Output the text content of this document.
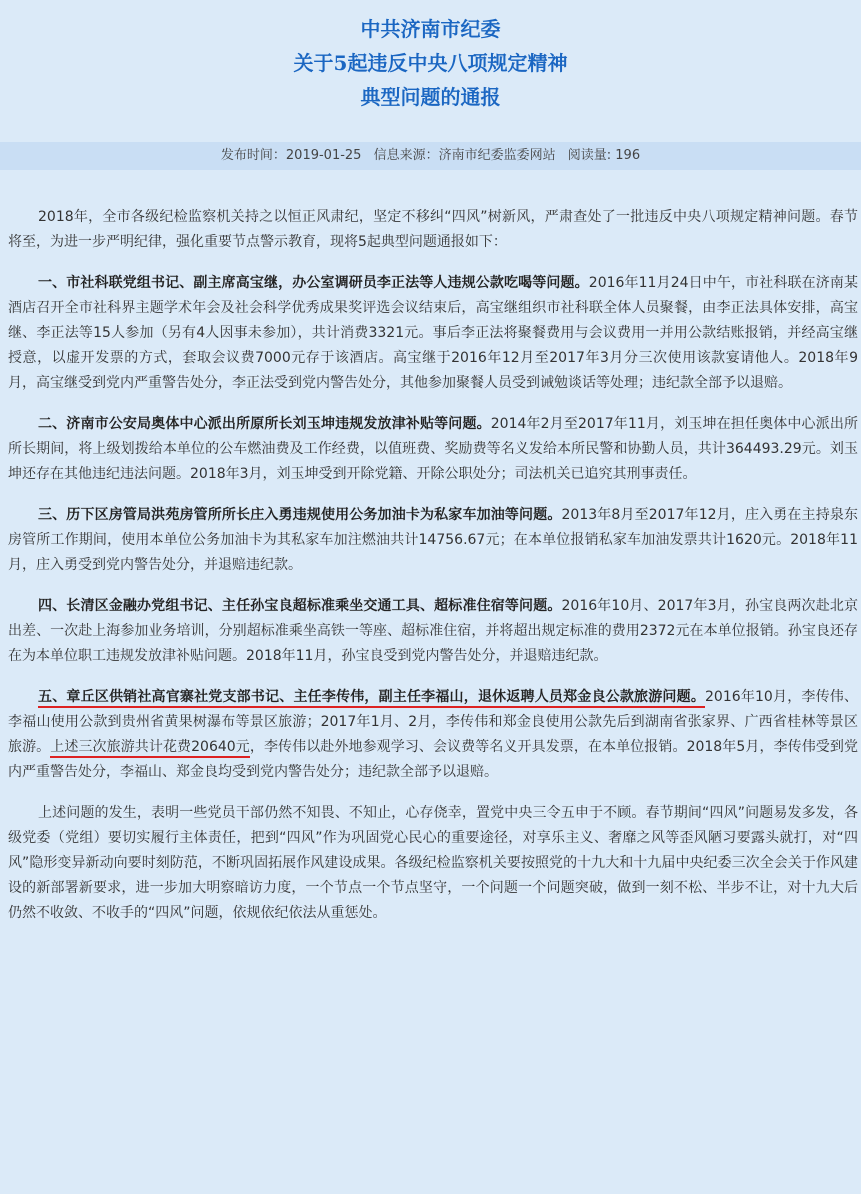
中共济南市纪委
关于5起违反中央八项规定精神
典型问题的通报
发布时间：2019-01-25 信息来源：济南市纪委监委网站 阅读量: 196

2018年，全市各级纪检监察机关持之以恒正风肃纪，坚定不移纠“四风”树新风，严肃查处了一批违反中央八项规定精神问题。春节将至，为进一步严明纪律，强化重要节点警示教育，现将5起典型问题通报如下：

一、市社科联党组书记、副主席高宝继，办公室调研员李正法等人违规公款吃喝等问题。2016年11月24日中午，市社科联在济南某酒店召开全市社科界主题学术年会及社会科学优秀成果奖评选会议结束后，高宝继组织市社科联全体人员聚餐，由李正法具体安排，高宝继、李正法等15人参加（另有4人因事未参加），共计消费3321元。事后李正法将聚餐费用与会议费用一并用公款结账报销，并经高宝继授意，以虚开发票的方式，套取会议费7000元存于该酒店。高宝继于2016年12月至2017年3月分三次使用该款宴请他人。2018年9月，高宝继受到党内严重警告处分，李正法受到党内警告处分，其他参加聚餐人员受到诫勉谈话等处理；违纪款全部予以退赔。

二、济南市公安局奥体中心派出所原所长刘玉坤违规发放津补贴等问题。2014年2月至2017年11月，刘玉坤在担任奥体中心派出所所长期间，将上级划拨给本单位的公车燃油费及工作经费，以值班费、奖励费等名义发给本所民警和协勤人员，共计364493.29元。刘玉坤还存在其他违纪违法问题。2018年3月，刘玉坤受到开除党籍、开除公职处分；司法机关已追究其刑事责任。

三、历下区房管局洪苑房管所所长庄入勇违规使用公务加油卡为私家车加油等问题。2013年8月至2017年12月，庄入勇在主持泉东房管所工作期间，使用本单位公务加油卡为其私家车加注燃油共计14756.67元；在本单位报销私家车加油发票共计1620元。2018年11月，庄入勇受到党内警告处分，并退赔违纪款。

四、长清区金融办党组书记、主任孙宝良超标准乘坐交通工具、超标准住宿等问题。2016年10月、2017年3月，孙宝良两次赴北京出差、一次赴上海参加业务培训，分别超标准乘坐高铁一等座、超标准住宿，并将超出规定标准的费用2372元在本单位报销。孙宝良还存在为本单位职工违规发放津补贴问题。2018年11月，孙宝良受到党内警告处分，并退赔违纪款。

五、章丘区供销社高官寨社党支部书记、主任李传伟，副主任李福山，退休返聘人员郑金良公款旅游问题。2016年10月，李传伟、李福山使用公款到贵州省黄果树瀑布等景区旅游；2017年1月、2月，李传伟和郑金良使用公款先后到湖南省张家界、广西省桂林等景区旅游。上述三次旅游共计花费20640元，李传伟以赴外地参观学习、会议费等名义开具发票，在本单位报销。2018年5月，李传伟受到党内严重警告处分，李福山、郑金良均受到党内警告处分；违纪款全部予以退赔。

上述问题的发生，表明一些党员干部仍然不知畏、不知止，心存侥幸，置党中央三令五申于不顾。春节期间“四风”问题易发多发，各级党委（党组）要切实履行主体责任，把到“四风”作为巩固党心民心的重要途径，对享乐主义、奢靡之风等歪风陋习要露头就打，对“四风”隐形变异新动向要时刻防范，不断巩固拓展作风建设成果。各级纪检监察机关要按照党的十九大和十九届中央纪委三次全会关于作风建设的新部署新要求，进一步加大明察暗访力度，一个节点一个节点坚守，一个问题一个问题突破，做到一刻不松、半步不让，对十九大后仍然不收敛、不收手的“四风”问题，依规依纪依法从重惩处。
